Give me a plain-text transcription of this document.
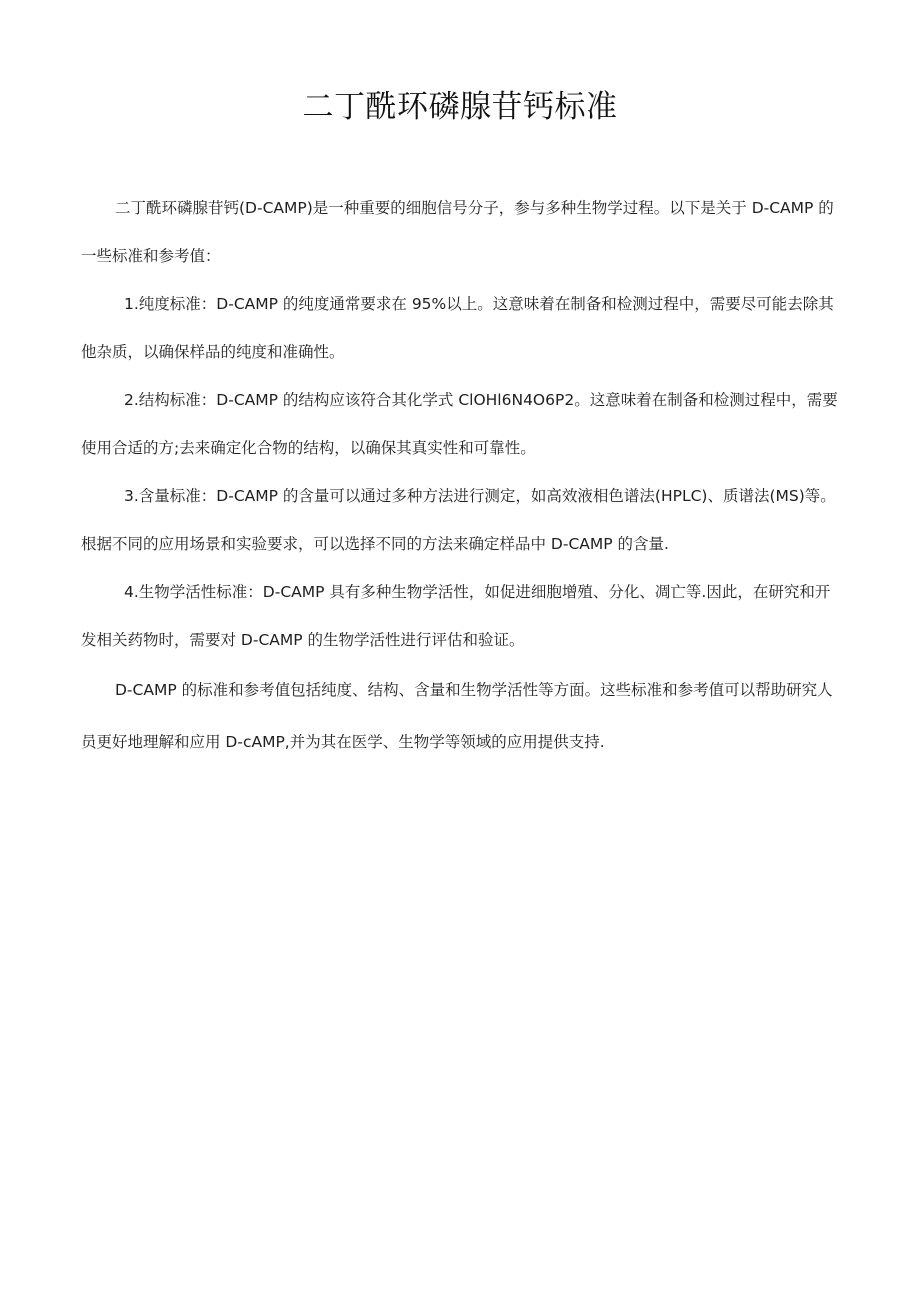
二丁酰环磷腺苷钙标准

二丁酰环磷腺苷钙(D-CAMP)是一种重要的细胞信号分子，参与多种生物学过程。以下是关于 D-CAMP 的一些标准和参考值：

1.纯度标准：D-CAMP 的纯度通常要求在 95%以上。这意味着在制备和检测过程中，需要尽可能去除其他杂质，以确保样品的纯度和准确性。

2.结构标准：D-CAMP 的结构应该符合其化学式 ClOHl6N4O6P2。这意味着在制备和检测过程中，需要使用合适的方;去来确定化合物的结构，以确保其真实性和可靠性。

3.含量标准：D-CAMP 的含量可以通过多种方法进行测定，如高效液相色谱法(HPLC)、质谱法(MS)等。根据不同的应用场景和实验要求，可以选择不同的方法来确定样品中 D-CAMP 的含量.

4.生物学活性标准：D-CAMP 具有多种生物学活性，如促进细胞增殖、分化、凋亡等.因此，在研究和开发相关药物时，需要对 D-CAMP 的生物学活性进行评估和验证。

D-CAMP 的标准和参考值包括纯度、结构、含量和生物学活性等方面。这些标准和参考值可以帮助研究人员更好地理解和应用 D-cAMP,并为其在医学、生物学等领域的应用提供支持.
